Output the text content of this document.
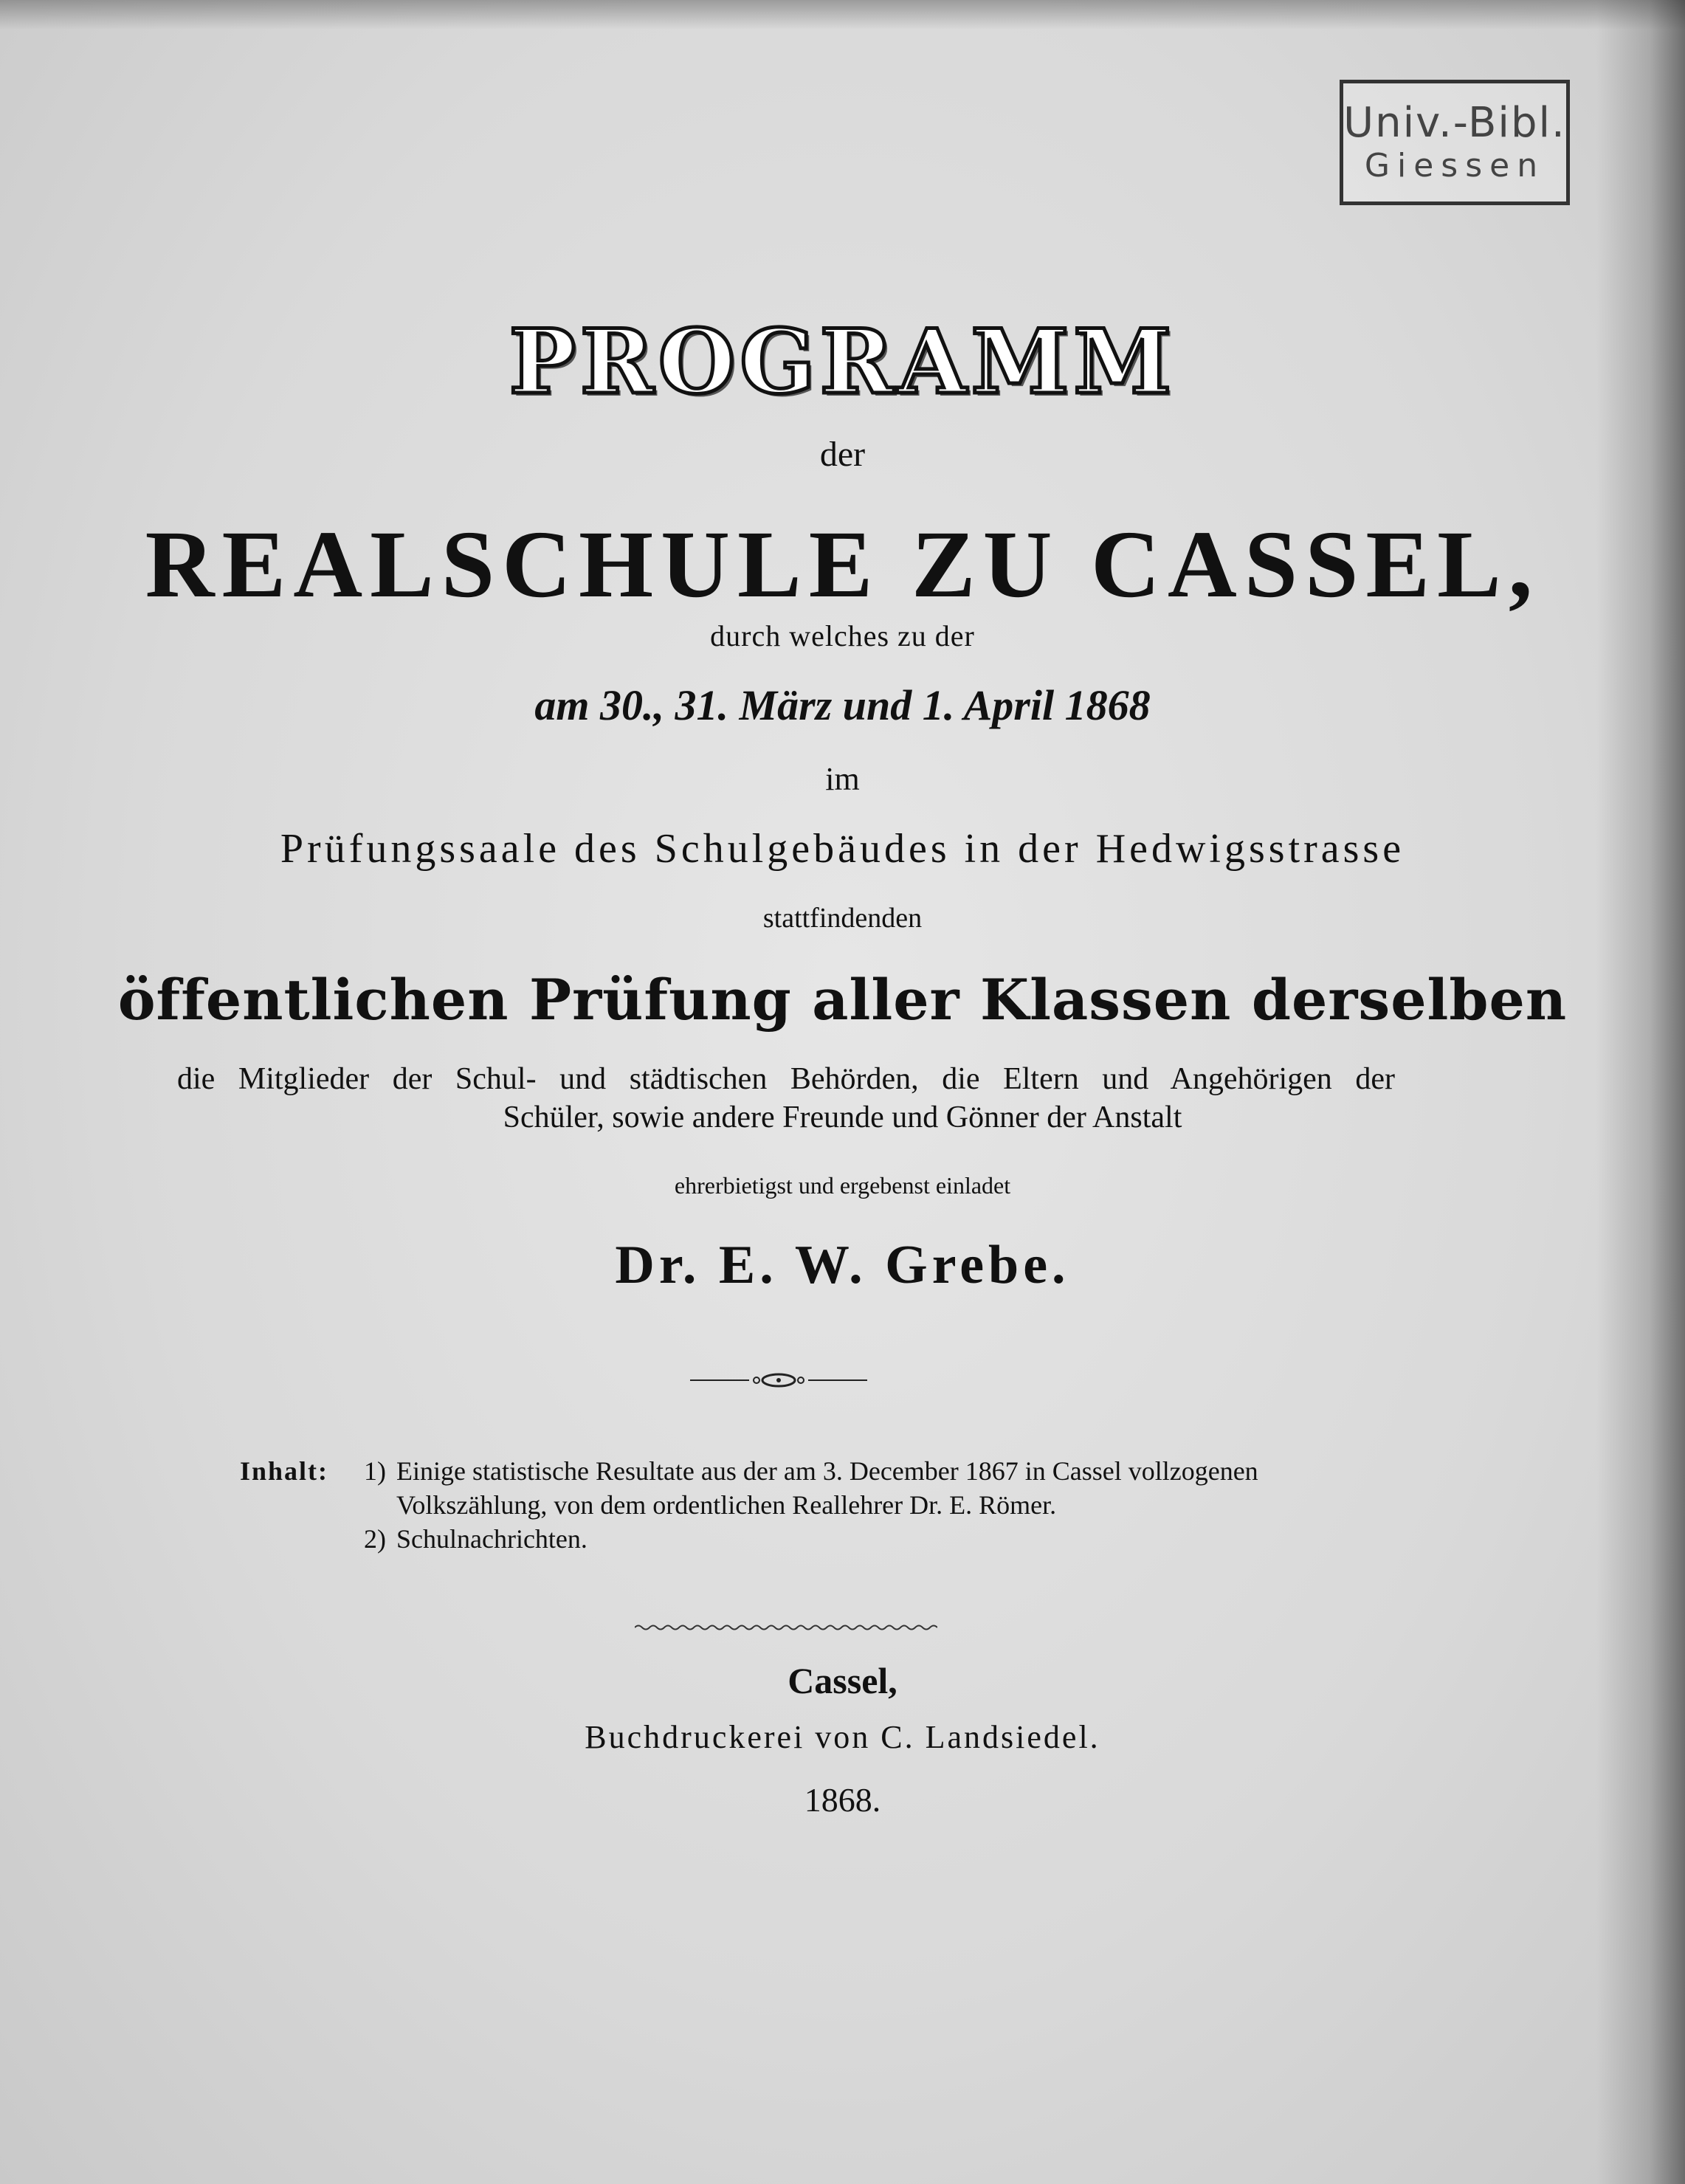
Univ.-Bibl.
Giessen
PROGRAMM
der
REALSCHULE ZU CASSEL,
durch welches zu der
am 30., 31. März und 1. April 1868
im
Prüfungssaale des Schulgebäudes in der Hedwigsstrasse
stattfindenden
öffentlichen Prüfung aller Klassen derselben
die Mitglieder der Schul- und städtischen Behörden, die Eltern und Angehörigen der
Schüler, sowie andere Freunde und Gönner der Anstalt
ehrerbietigst und ergebenst einladet
Dr. E. W. Grebe.
Inhalt:	1) Einige statistische Resultate aus der am 3. December 1867 in Cassel vollzogenen
Volkszählung, von dem ordentlichen Reallehrer Dr. E. Römer.
2) Schulnachrichten.
Cassel,
Buchdruckerei von C. Landsiedel.
1868.
